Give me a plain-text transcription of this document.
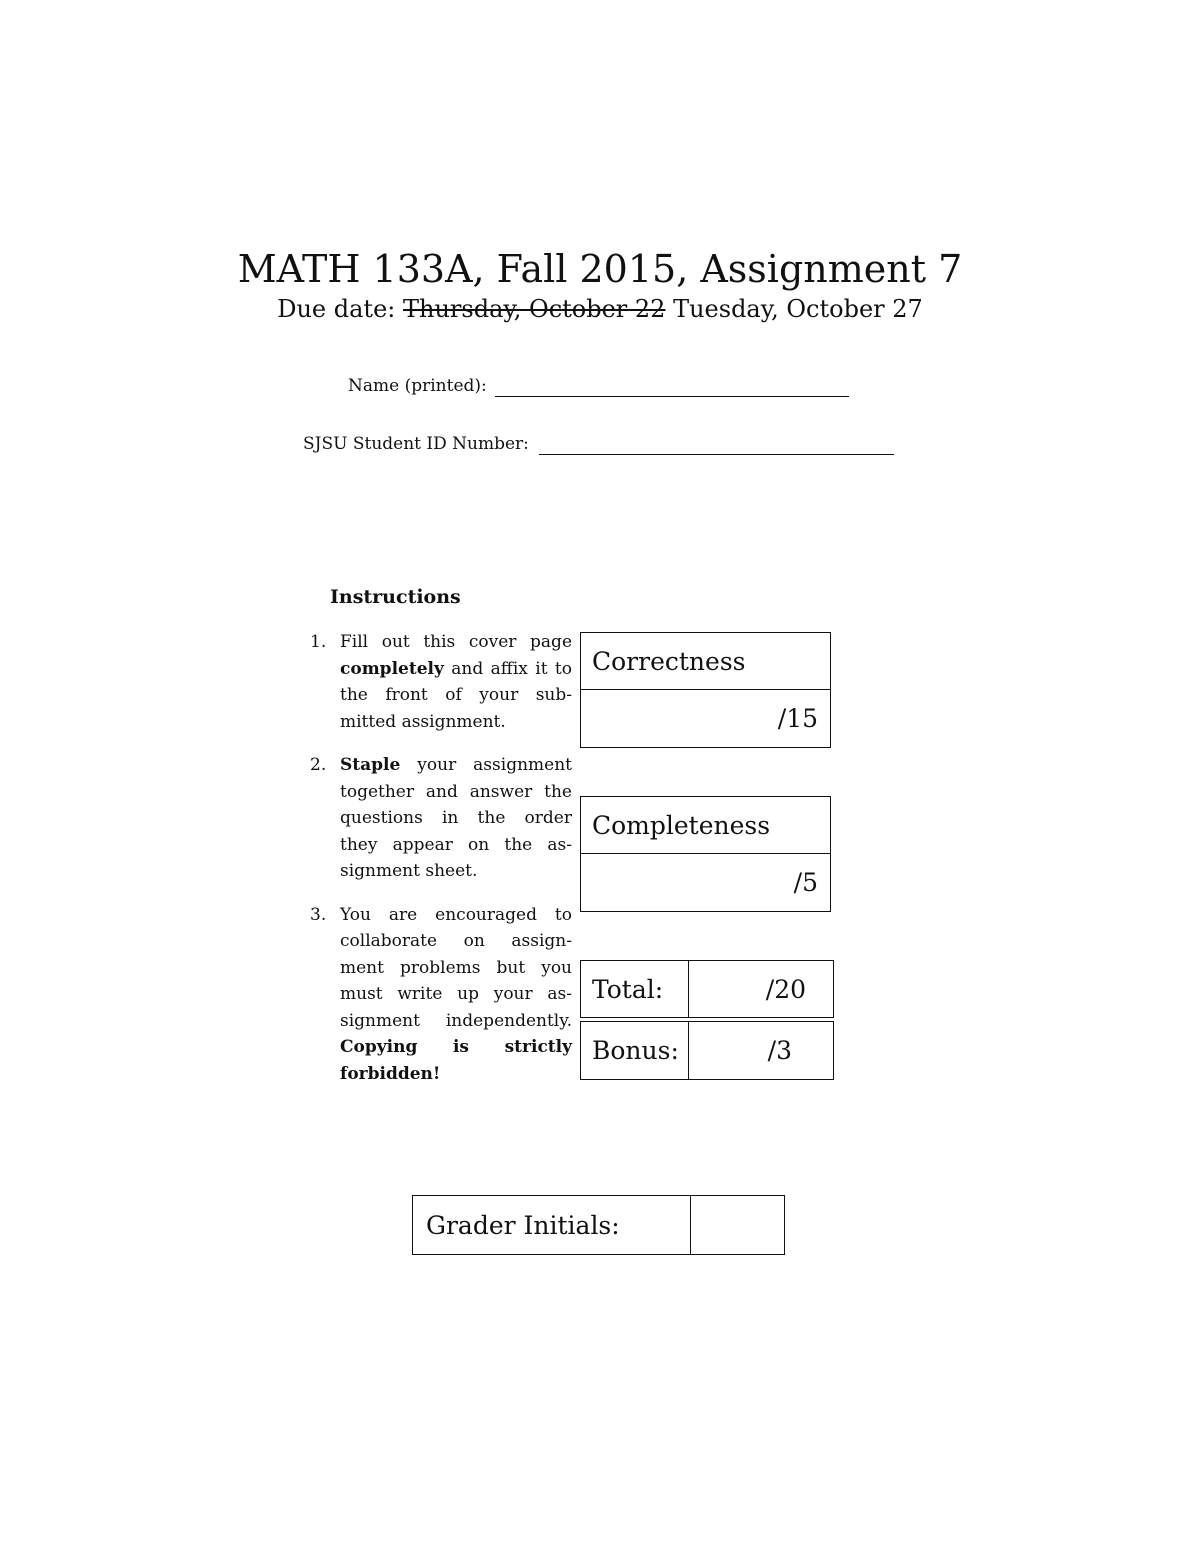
MATH 133A, Fall 2015, Assignment 7
Due date: Thursday, October 22 Tuesday, October 27
Name (printed):
SJSU Student ID Number:
Instructions
1. Fill out this cover page completely and affix it to the front of your sub- mitted assignment.
2. Staple your assignment together and answer the questions in the order they appear on the as- signment sheet.
3. You are encouraged to collaborate on assign- ment problems but you must write up your as- signment independently. Copying is strictly forbidden!
Correctness
/15
Completeness
/5
Total:	/20
Bonus:	/3
Grader Initials:
